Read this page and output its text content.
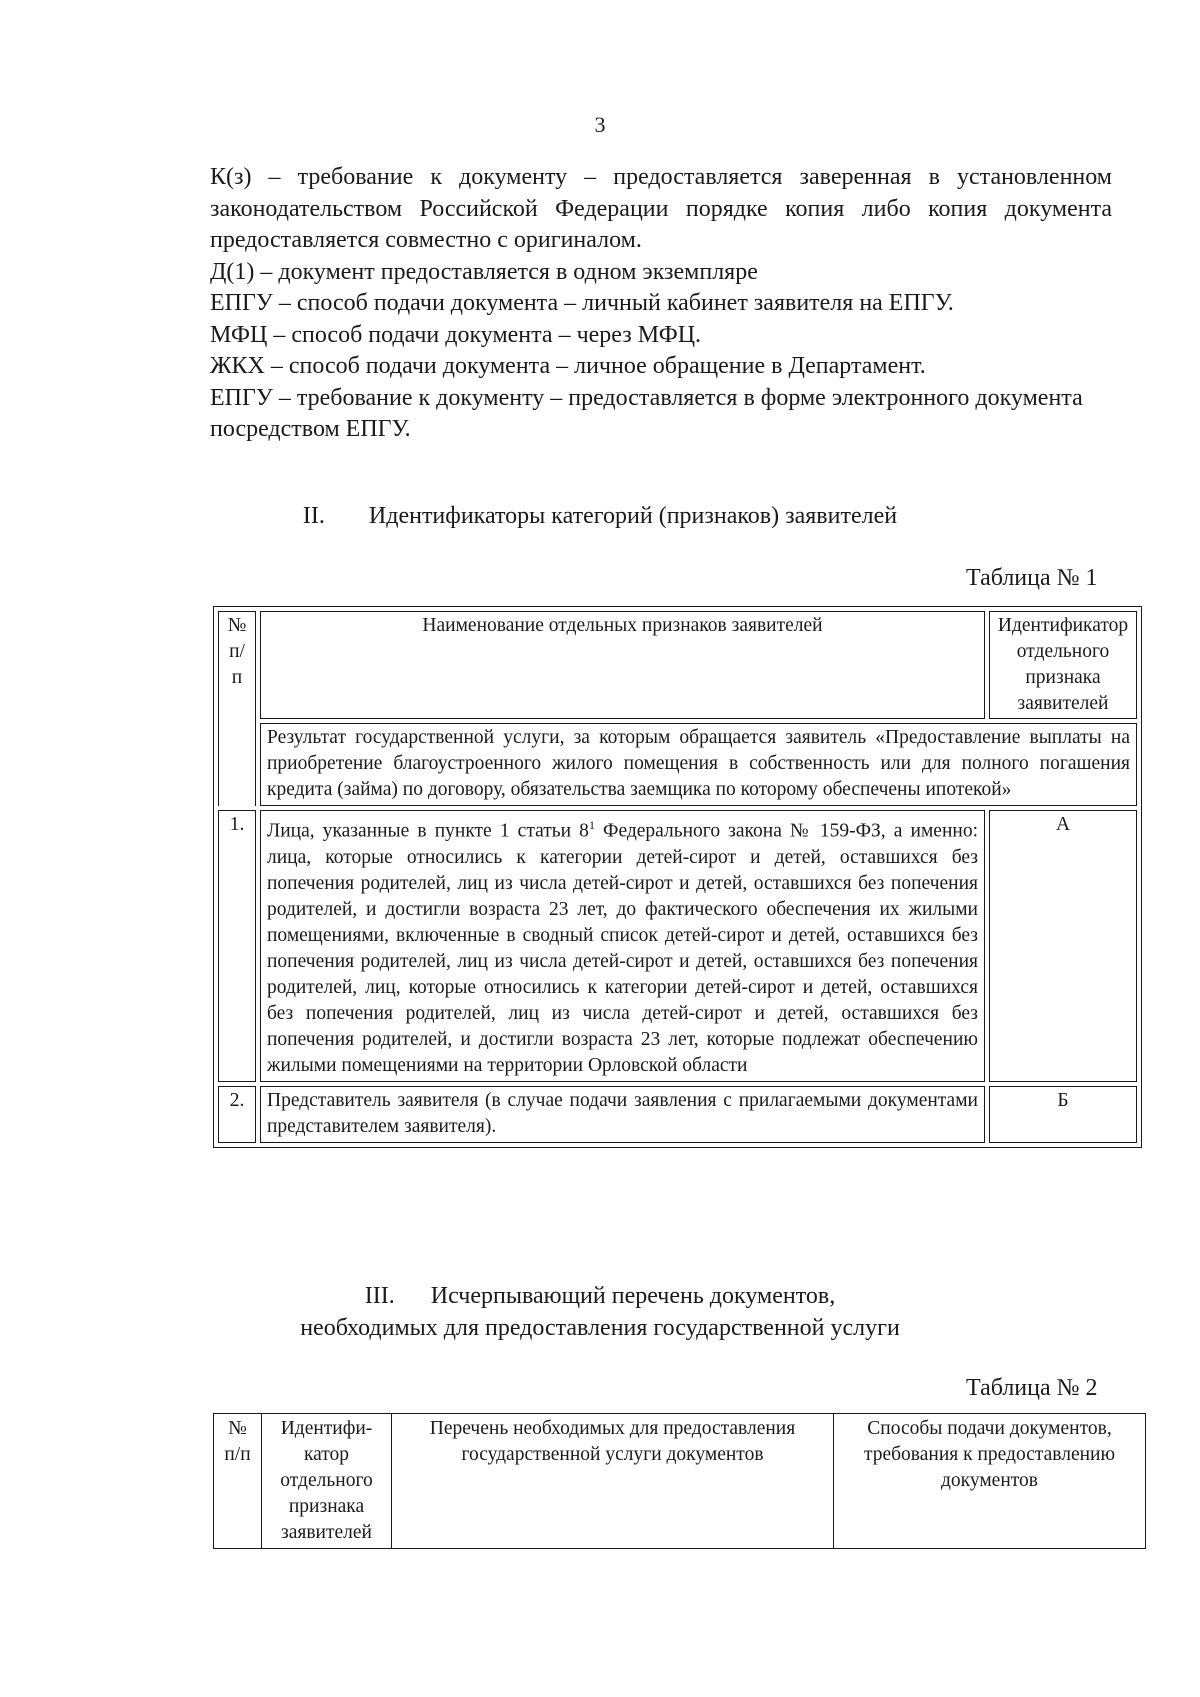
3

К(з) – требование к документу – предоставляется заверенная в установленном законодательством Российской Федерации порядке копия либо копия документа предоставляется совместно с оригиналом.

Д(1) – документ предоставляется в одном экземпляре

ЕПГУ – способ подачи документа – личный кабинет заявителя на ЕПГУ.

МФЦ – способ подачи документа – через МФЦ.

ЖКХ – способ подачи документа – личное обращение в Департамент.

ЕПГУ – требование к документу – предоставляется в форме электронного документа

посредством ЕПГУ.

II. Идентификаторы категорий (признаков) заявителей
Таблица № 1
№ п/п	Наименование отдельных признаков заявителей	Идентификатор отдельного признака заявителей
	Результат государственной услуги, за которым обращается заявитель «Предоставление выплаты на приобретение благоустроенного жилого помещения в собственность или для полного погашения кредита (займа) по договору, обязательства заемщика по которому обеспечены ипотекой»	
1.	Лица, указанные в пункте 1 статьи $8^1$ Федерального закона № 159-ФЗ, а именно: лица, которые относились к категории детей-сирот и детей, оставшихся без попечения родителей, лиц из числа детей-сирот и детей, оставшихся без попечения родителей, и достигли возраста 23 лет, до фактического обеспечения их жилыми помещениями, включенные в сводный список детей-сирот и детей, оставшихся без попечения родителей, лиц из числа детей-сирот и детей, оставшихся без попечения родителей, лиц, которые относились к категории детей-сирот и детей, оставшихся без попечения родителей, лиц из числа детей-сирот и детей, оставшихся без попечения родителей, и достигли возраста 23 лет, которые подлежат обеспечению жилыми помещениями на территории Орловской области	А
2.	Представитель заявителя (в случае подачи заявления с прилагаемыми документами представителем заявителя).	Б
III. Исчерпывающий перечень документов,
необходимых для предоставления государственной услуги
Таблица № 2
№ п/п	Идентифи-катор отдельного признака заявителей	Перечень необходимых для предоставления государственной услуги документов	Способы подачи документов, требования к предоставлению документов
